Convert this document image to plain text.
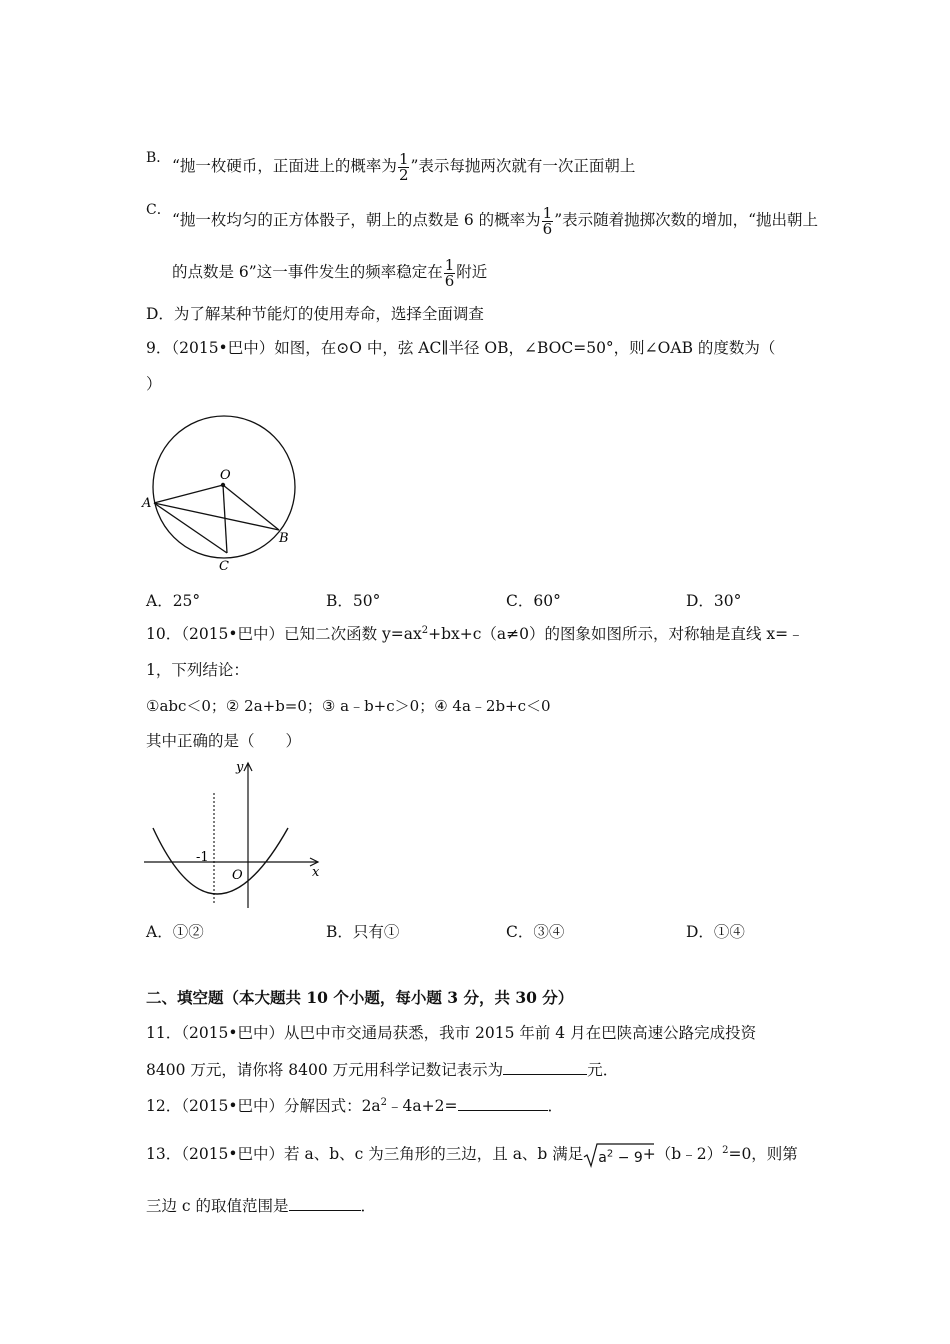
B． “抛一枚硬币，正面进上的概率为 $\frac{1}{2}$ ”表示每抛两次就有一次正面朝上
C．
“抛一枚均匀的正方体骰子，朝上的点数是 6 的概率为 $\frac{1}{6}$ ”表示随着抛掷次数的增加，“抛出朝上
的点数是 6”这一事件发生的频率稳定在 $\frac{1}{6}$ 附近
D．为了解某种节能灯的使用寿命，选择全面调查
9．（2015•巴中）如图，在⊙O 中，弦 AC∥半径 OB，∠BOC=50°，则∠OAB 的度数为（
）
O
A
B
C
A．25°	B．50°	C．60°	D．30°
10．（2015•巴中）已知二次函数 $y=ax^2+bx+c(a\ne 0)$的图象如图所示，对称轴是直线 x=﹣
1，下列结论：
①abc＜0；② 2a+b=0；③ a﹣b+c＞0；④ 4a﹣2b+c＜0
其中正确的是（　　）
y
x
O
-1
A．①②	B．只有①	C．③④	D．①④
二、填空题（本大题共 10 个小题，每小题 3 分，共 30 分）
11．（2015•巴中）从巴中市交通局获悉，我市 2015 年前 4 月在巴陕高速公路完成投资
8400 万元，请你将 8400 万元用科学记数记表示为	元．
12．（2015•巴中）分解因式：$2a^2﹣4a+2=$	．
13．（2015•巴中）若 a、b、c 为三角形的三边，且 a、b 满足 $a^2$ − 9+（b﹣2）$^2$=0，则第
三边 c 的取值范围是	．
